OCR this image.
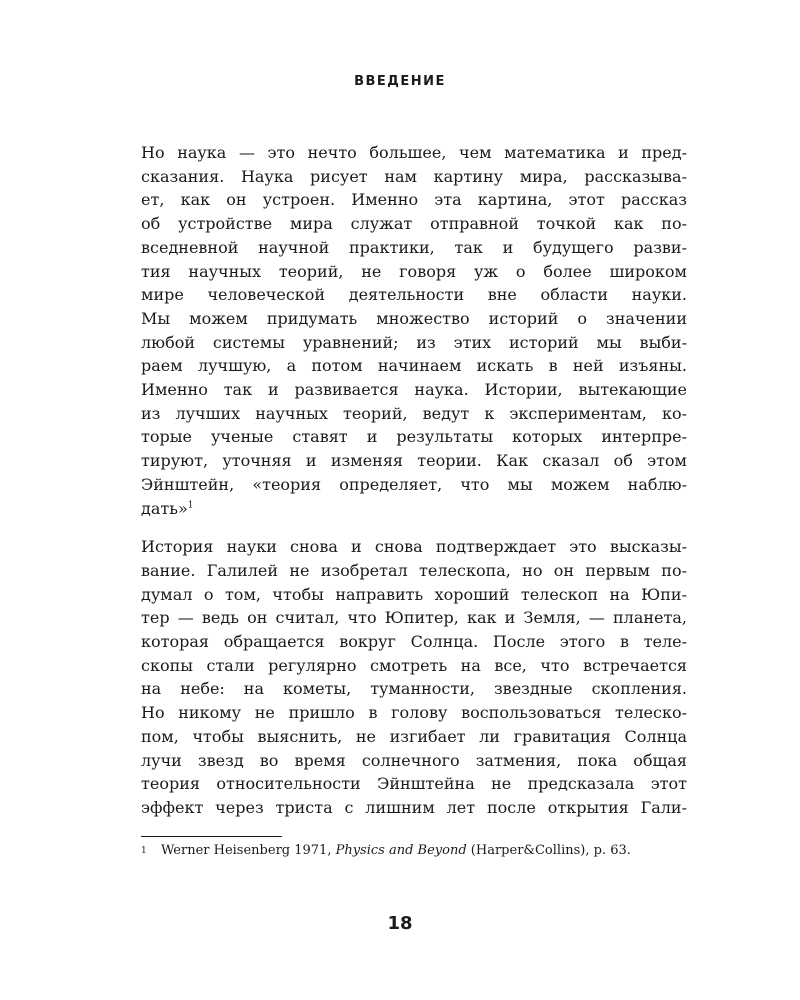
ВВЕДЕНИЕ
Но наука — это нечто большее, чем математика и пред-
сказания. Наука рисует нам картину мира, рассказыва-
ет, как он устроен. Именно эта картина, этот рассказ
об устройстве мира служат отправной точкой как по-
вседневной научной практики, так и будущего разви-
тия научных теорий, не говоря уж о более широком
мире человеческой деятельности вне области науки.
Мы можем придумать множество историй о значении
любой системы уравнений; из этих историй мы выби-
раем лучшую, а потом начинаем искать в ней изъяны.
Именно так и развивается наука. Истории, вытекающие
из лучших научных теорий, ведут к экспериментам, ко-
торые ученые ставят и результаты которых интерпре-
тируют, уточняя и изменяя теории. Как сказал об этом
Эйнштейн, «теория определяет, что мы можем наблю-
дать»$^1$
История науки снова и снова подтверждает это высказы-
вание. Галилей не изобретал телескопа, но он первым по-
думал о том, чтобы направить хороший телескоп на Юпи-
тер — ведь он считал, что Юпитер, как и Земля, — планета,
которая обращается вокруг Солнца. После этого в теле-
скопы стали регулярно смотреть на все, что встречается
на небе: на кометы, туманности, звездные скопления.
Но никому не пришло в голову воспользоваться телеско-
пом, чтобы выяснить, не изгибает ли гравитация Солнца
лучи звезд во время солнечного затмения, пока общая
теория относительности Эйнштейна не предсказала этот
эффект через триста с лишним лет после открытия Гали-
1 Werner Heisenberg 1971, Physics and Beyond (Harper&Collins), p. 63.
18
